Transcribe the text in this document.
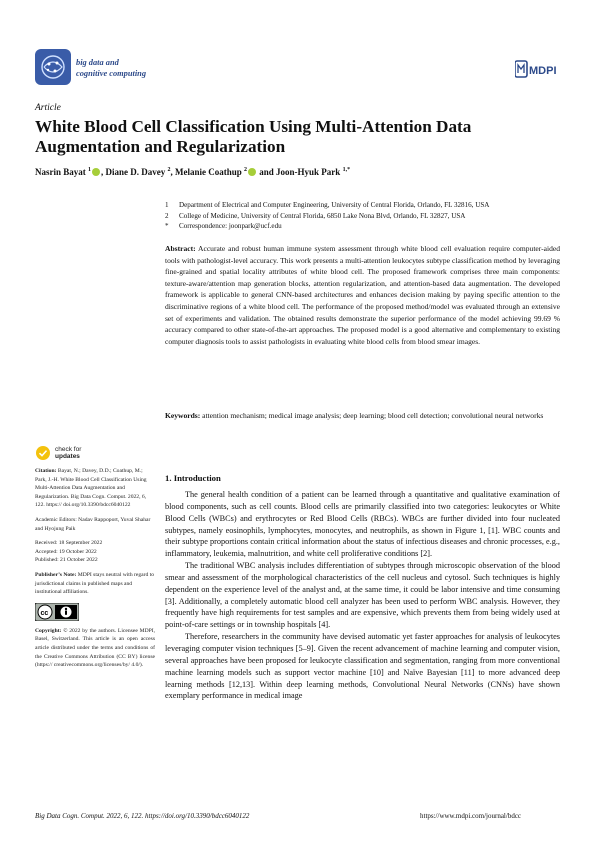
big data and
cognitive computing	MDPI
Article
White Blood Cell Classification Using Multi-Attention Data Augmentation and Regularization
Nasrin Bayat $^1$ , Diane D. Davey $^2$, Melanie Coathup $^2$ and Joon-Hyuk Park $^{1,*}$
1 Department of Electrical and Computer Engineering, University of Central Florida, Orlando, FL 32816, USA
2 College of Medicine, University of Central Florida, 6850 Lake Nona Blvd, Orlando, FL 32827, USA
* Correspondence: joonpark@ucf.edu
Abstract: Accurate and robust human immune system assessment through white blood cell evaluation require computer-aided tools with pathologist-level accuracy. This work presents a multi-attention leukocytes subtype classification method by leveraging fine-grained and spatial locality attributes of white blood cell. The proposed framework comprises three main components: texture-aware/attention map generation blocks, attention regularization, and attention-based data augmentation. The developed framework is applicable to general CNN-based architectures and enhances decision making by paying specific attention to the discriminative regions of a white blood cell. The performance of the proposed method/model was evaluated through an extensive set of experiments and validation. The obtained results demonstrate the superior performance of the model achieving 99.69 % accuracy compared to other state-of-the-art approaches. The proposed model is a good alternative and complementary to existing computer diagnosis tools to assist pathologists in evaluating white blood cells from blood smear images.
Keywords: attention mechanism; medical image analysis; deep learning; blood cell detection; convolutional neural networks
check for
updates
Citation: Bayat, N.; Davey, D.D.; Coathup, M.; Park, J.-H. White Blood Cell Classification Using Multi-Attention Data Augmentation and Regularization. Big Data Cogn. Comput. 2022, 6, 122. https:// doi.org/10.3390/bdcc6040122
Academic Editors: Nadav Rappoport, Yuval Shahar and Hyojung Paik
Received: 18 September 2022
Accepted: 19 October 2022
Published: 21 October 2022
Publisher’s Note: MDPI stays neutral with regard to jurisdictional claims in published maps and institutional affiliations.
cc
Copyright: © 2022 by the authors. Licensee MDPI, Basel, Switzerland. This article is an open access article distributed under the terms and conditions of the Creative Commons Attribution (CC BY) license (https:// creativecommons.org/licenses/by/ 4.0/).
1. Introduction

The general health condition of a patient can be learned through a quantitative and qualitative examination of blood components, such as cell counts. Blood cells are primarily classified into two categories: leukocytes or White Blood Cells (WBCs) and erythrocytes or Red Blood Cells (RBCs). WBCs are further divided into four nucleated subtypes, namely eosinophils, lymphocytes, monocytes, and neutrophils, as shown in Figure 1, [1]. WBC counts and their subtype proportions contain critical information about the status of infectious diseases and chronic processes, e.g., inflammatory, leukemia, malnutrition, and white cell proliferative conditions [2].

The traditional WBC analysis includes differentiation of subtypes through microscopic observation of the blood smear and assessment of the morphological characteristics of the cell nucleus and cytosol. Such techniques is highly dependent on the experience level of the analyst and, at the same time, it could be labor intensive and time consuming [3]. Additionally, a completely automatic blood cell analyzer has been used to perform WBC analysis. However, they frequently have high requirements for test samples and are expensive, which prevents them from being widely used at point-of-care settings or in township hospitals [4].

Therefore, researchers in the community have devised automatic yet faster approaches for analysis of leukocytes leveraging computer vision techniques [5–9]. Given the recent advancement of machine learning and computer vision, several approaches have been proposed for leukocyte classification and segmentation, ranging from more conventional machine learning models such as support vector machine [10] and Naïve Bayesian [11] to more advanced deep learning methods [12,13]. Within deep learning methods, Convolutional Neural Networks (CNNs) have shown exemplary performance in medical image

Big Data Cogn. Comput. 2022, 6, 122. https://doi.org/10.3390/bdcc6040122	https://www.mdpi.com/journal/bdcc
